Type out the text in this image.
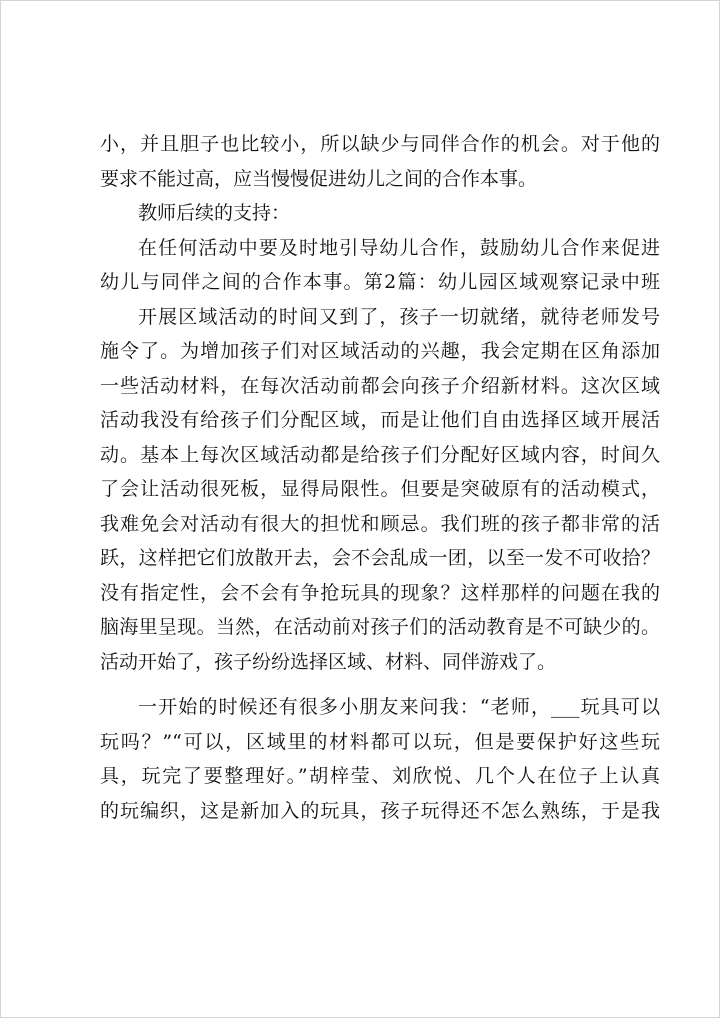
小，并且胆子也比较小，所以缺少与同伴合作的机会。对于他的
要求不能过高，应当慢慢促进幼儿之间的合作本事。
教师后续的支持：
在任何活动中要及时地引导幼儿合作，鼓励幼儿合作来促进
幼儿与同伴之间的合作本事。第2篇：幼儿园区域观察记录中班
开展区域活动的时间又到了，孩子一切就绪，就待老师发号
施令了。为增加孩子们对区域活动的兴趣，我会定期在区角添加
一些活动材料，在每次活动前都会向孩子介绍新材料。这次区域
活动我没有给孩子们分配区域，而是让他们自由选择区域开展活
动。基本上每次区域活动都是给孩子们分配好区域内容，时间久
了会让活动很死板，显得局限性。但要是突破原有的活动模式，
我难免会对活动有很大的担忧和顾忌。我们班的孩子都非常的活
跃，这样把它们放散开去，会不会乱成一团，以至一发不可收拾？
没有指定性，会不会有争抢玩具的现象？这样那样的问题在我的
脑海里呈现。当然，在活动前对孩子们的活动教育是不可缺少的。
活动开始了，孩子纷纷选择区域、材料、同伴游戏了。
一开始的时候还有很多小朋友来问我：“老师，___玩具可以
玩吗？”“可以，区域里的材料都可以玩，但是要保护好这些玩
具，玩完了要整理好。”胡梓莹、刘欣悦、几个人在位子上认真
的玩编织，这是新加入的玩具，孩子玩得还不怎么熟练，于是我
